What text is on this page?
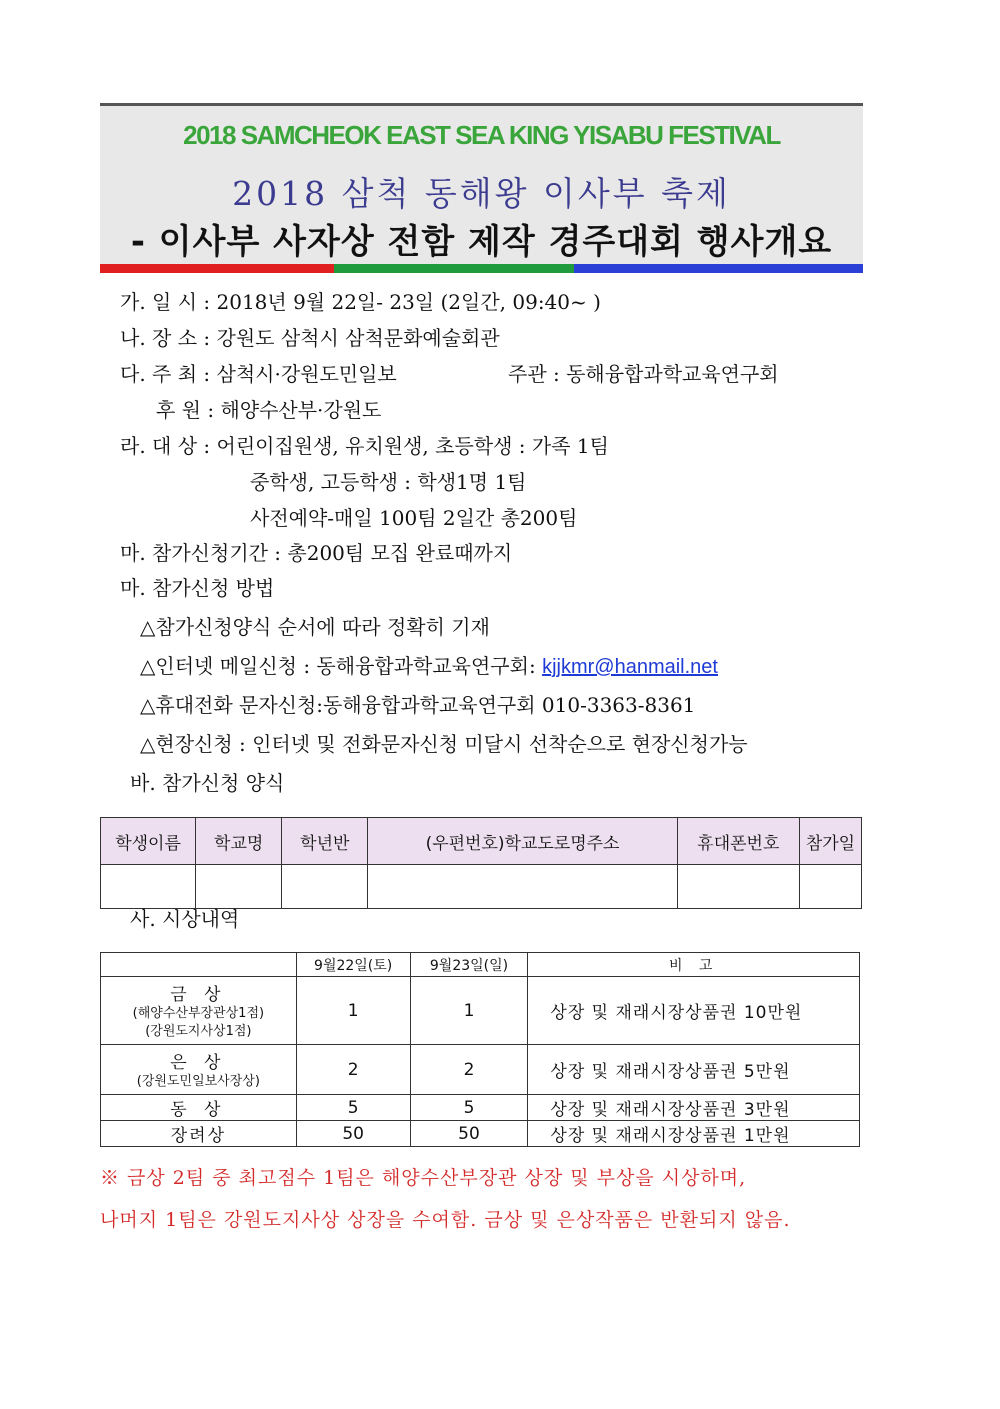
2018 SAMCHEOK EAST SEA KING YISABU FESTIVAL
2018 삼척 동해왕 이사부 축제
- 이사부 사자상 전함 제작 경주대회 행사개요
가. 일 시 : 2018년 9월 22일- 23일 (2일간, 09:40~ )
나. 장 소 : 강원도 삼척시 삼척문화예술회관
다. 주 최 : 삼척시·강원도민일보	주관 : 동해융합과학교육연구회
후 원 : 해양수산부·강원도
라. 대 상 : 어린이집원생, 유치원생, 초등학생 : 가족 1팀
중학생, 고등학생 : 학생1명 1팀
사전예약-매일 100팀 2일간 총200팀
마. 참가신청기간 : 총200팀 모집 완료때까지
마. 참가신청 방법
△참가신청양식 순서에 따라 정확히 기재
△인터넷 메일신청 : 동해융합과학교육연구회: kjjkmr@hanmail.net
△휴대전화 문자신청:동해융합과학교육연구회 010-3363-8361
△현장신청 : 인터넷 및 전화문자신청 미달시 선착순으로 현장신청가능
바. 참가신청 양식
학생이름	학교명	학년반	(우편번호)학교도로명주소	휴대폰번호	참가일

사. 시상내역
	9월22일(토)	9월23일(일)	비 고

금 상
(해양수산부장관상1점)
(강원도지사상1점)	1	1	상장 및 재래시장상품권 10만원

은 상
(강원도민일보사장상)	2	2	상장 및 재래시장상품권 5만원
동 상	5	5	상장 및 재래시장상품권 3만원
장려상	50	50	상장 및 재래시장상품권 1만원
※ 금상 2팀 중 최고점수 1팀은 해양수산부장관 상장 및 부상을 시상하며,
나머지 1팀은 강원도지사상 상장을 수여함. 금상 및 은상작품은 반환되지 않음.
